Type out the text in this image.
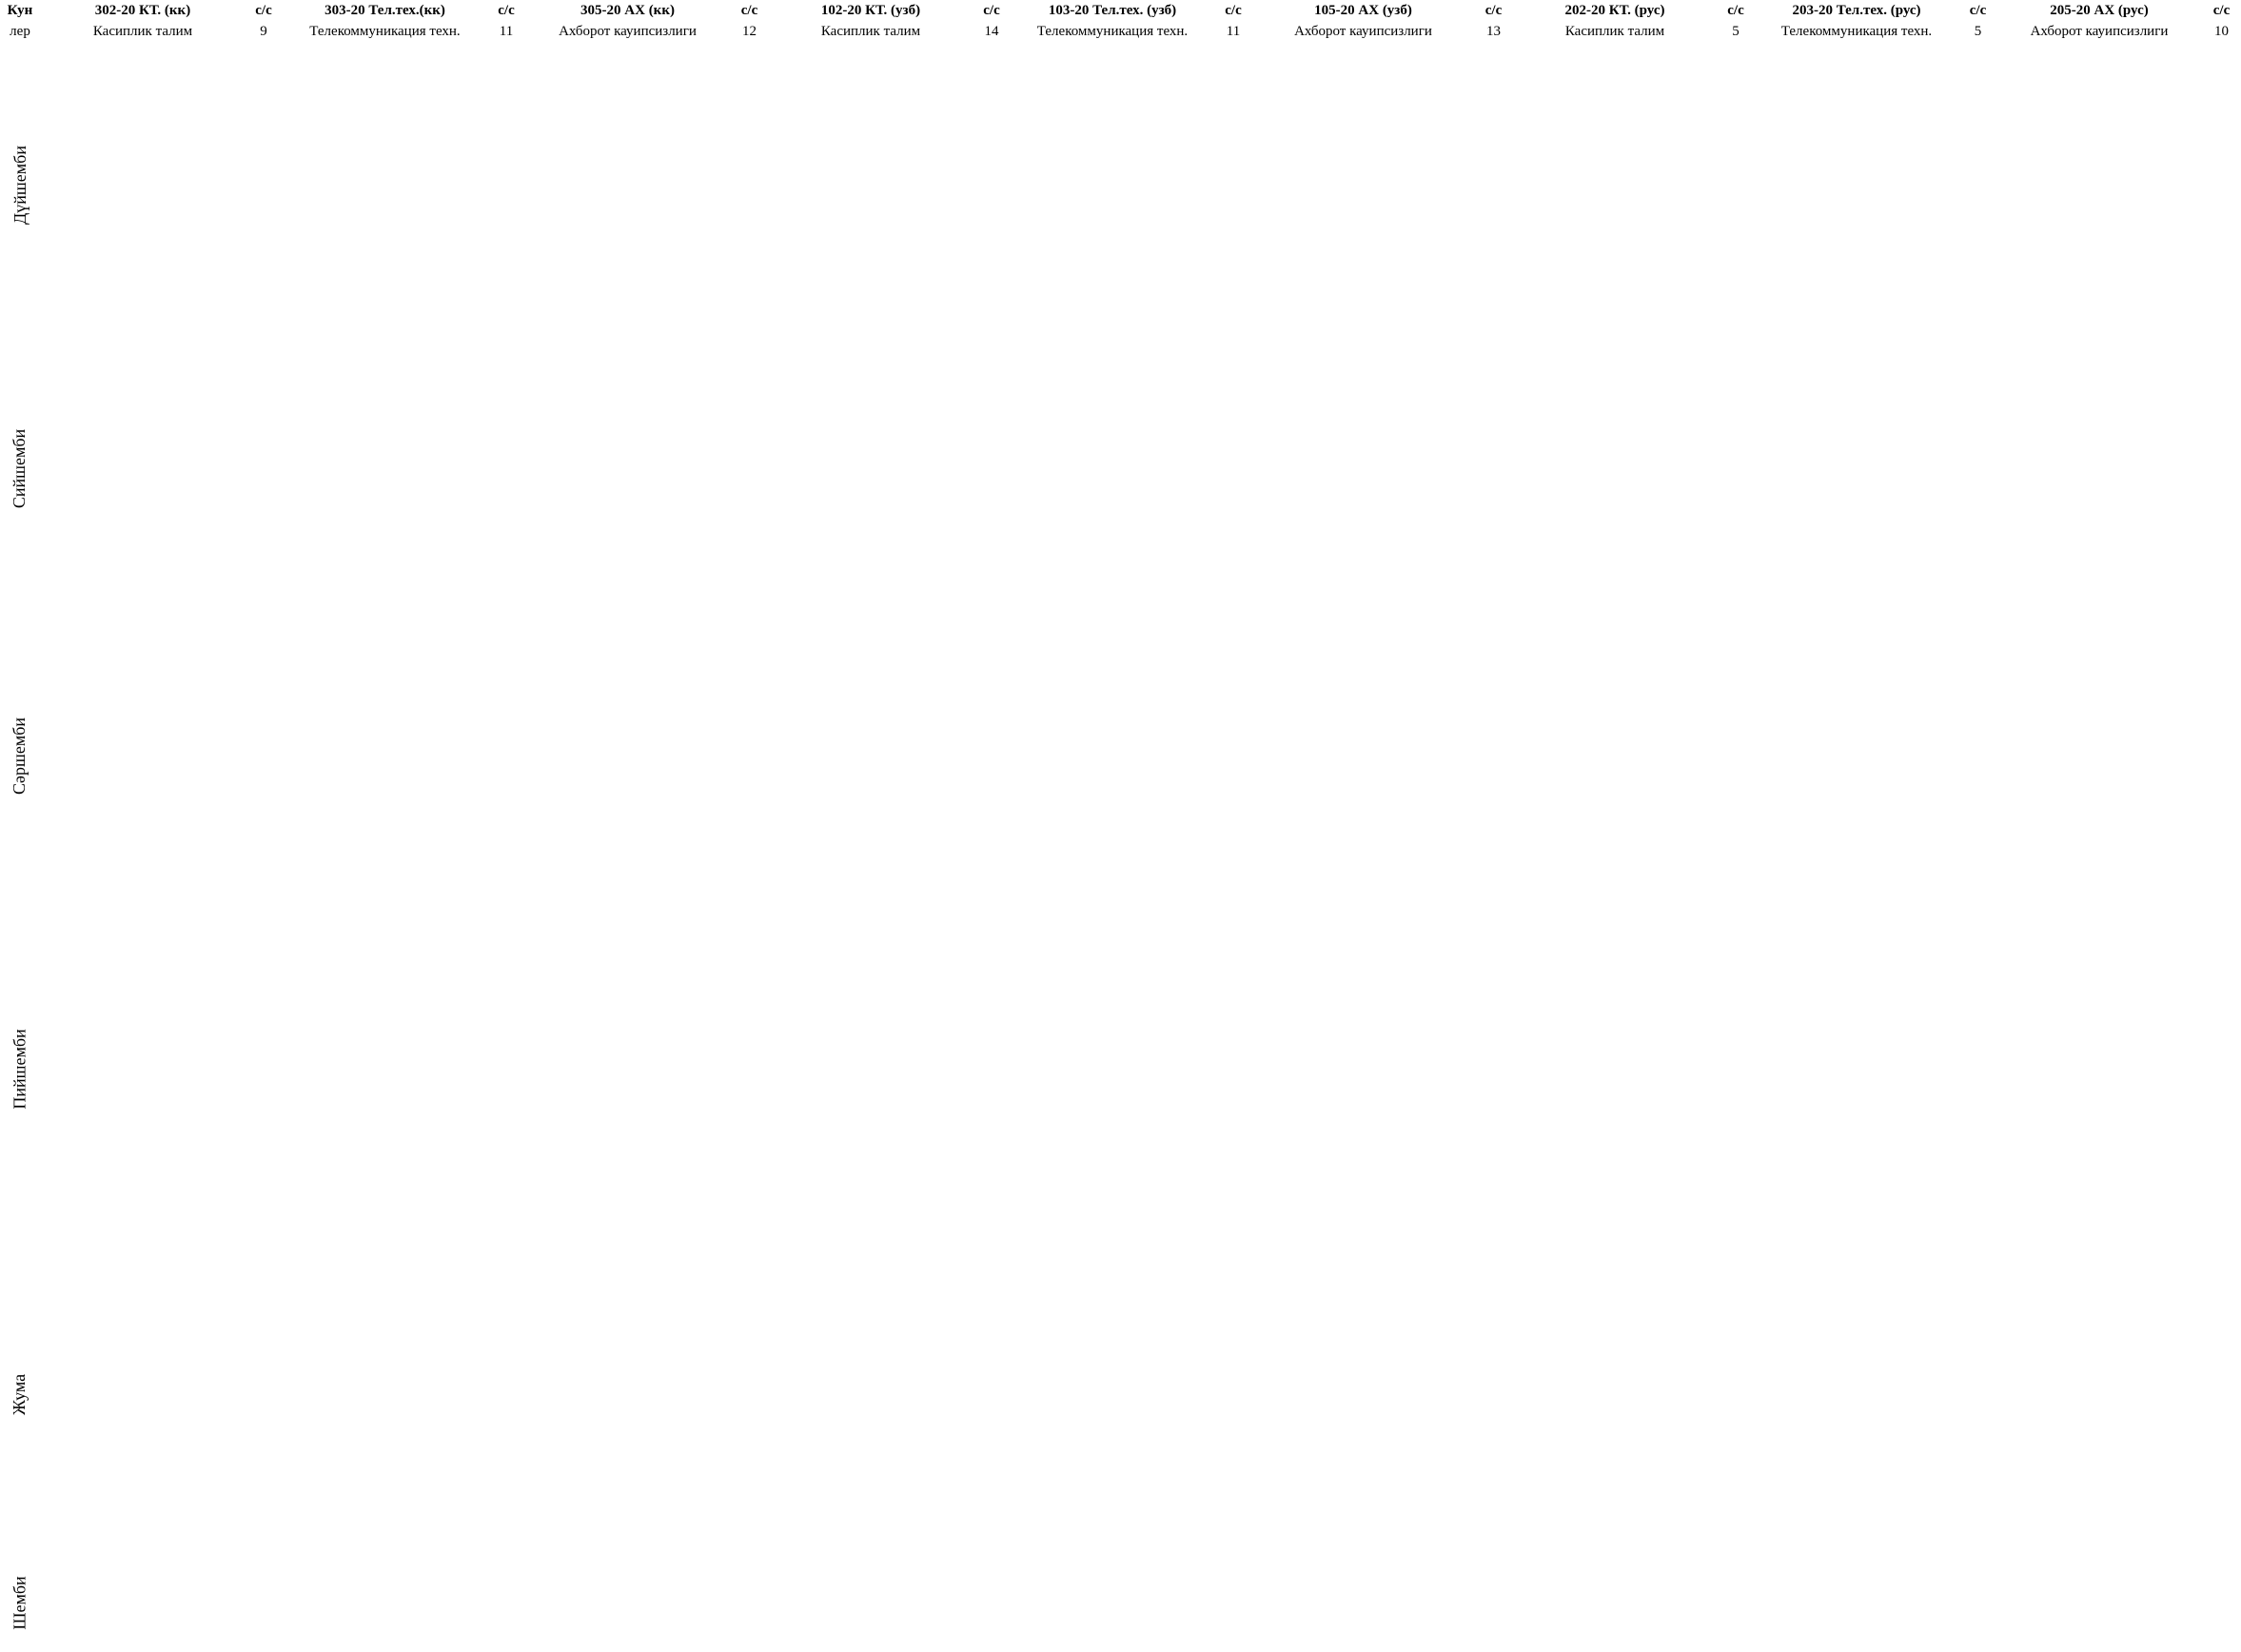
Кун	302-20 КТ. (кк)	с/с	303-20 Тел.тех.(кк)	с/с	305-20 АХ (кк)	с/с	102-20 КТ. (узб)	с/с	103-20 Тел.тех. (узб)	с/с	105-20 АХ (узб)	с/с	202-20 КТ. (рус)	с/с	203-20 Тел.тех. (рус)	с/с	205-20 АХ (рус)	с/с
лер	Касиплик талим	9	Телекоммуникация техн.	11	Ахборот кауипсизлиги	12	Касиплик талим	14	Телекоммуникация техн.	11	Ахборот кауипсизлиги	13	Касиплик талим	5	Телекоммуникация техн.	5	Ахборот кауипсизлиги	10
Дүйшемби
Сийшемби
Сәршемби
Пийшемби
Жума
Шемби
